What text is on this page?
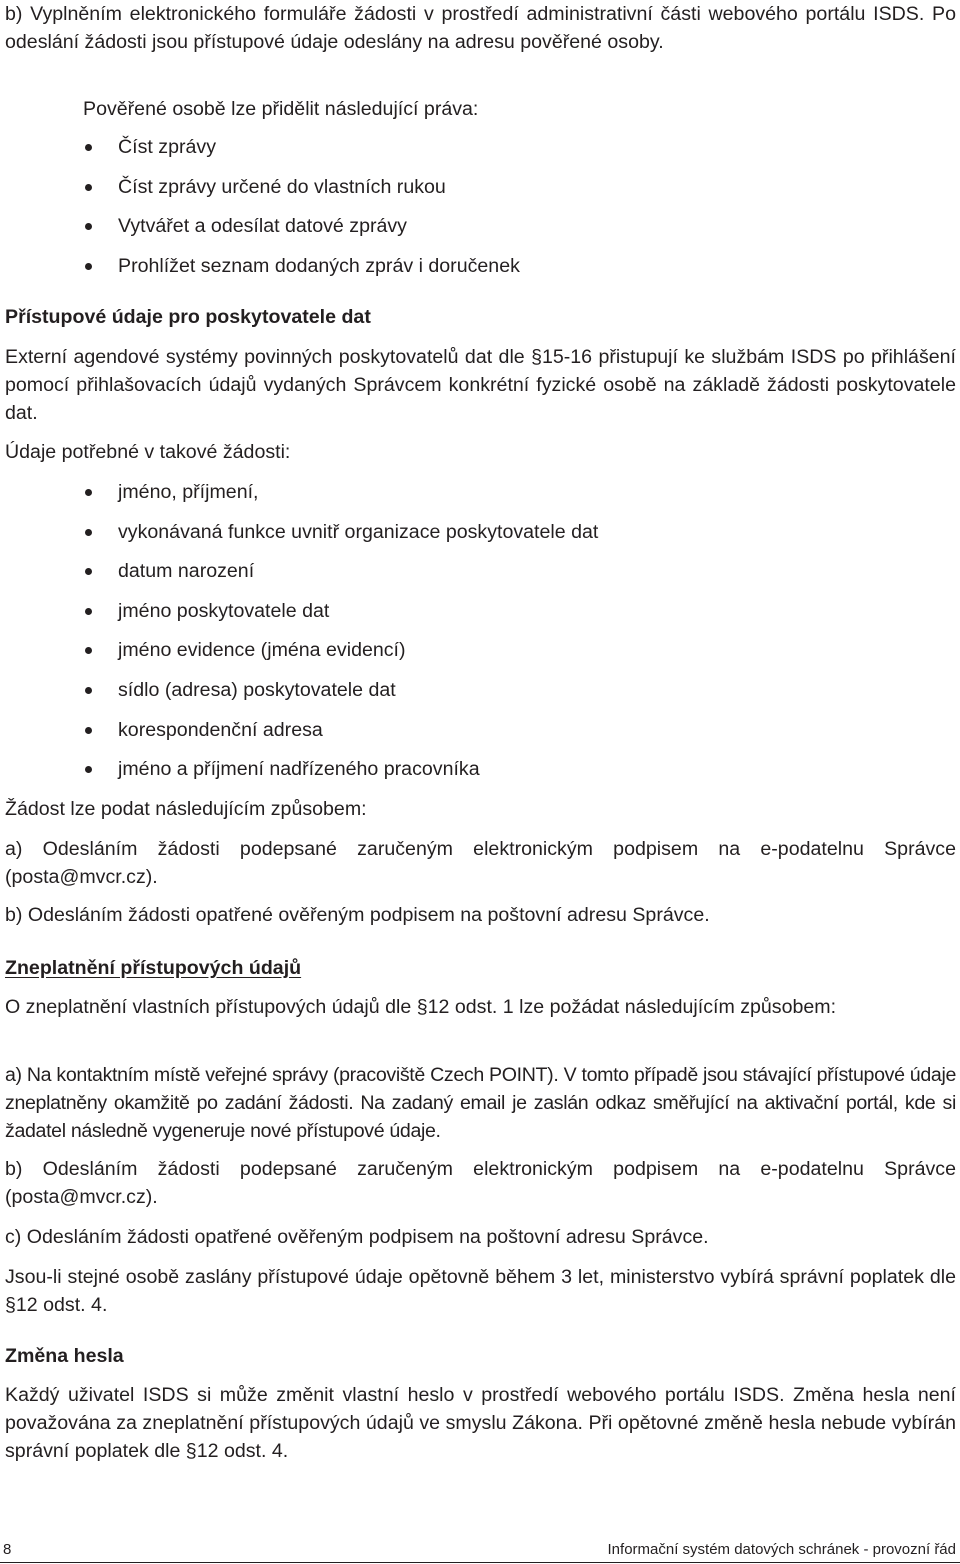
b) Vyplněním elektronického formuláře žádosti v prostředí administrativní části webového portálu ISDS. Po odeslání žádosti jsou přístupové údaje odeslány na adresu pověřené osoby.

Pověřené osobě lze přidělit následující práva:
Číst zprávy
Číst zprávy určené do vlastních rukou
Vytvářet a odesílat datové zprávy
Prohlížet seznam dodaných zpráv i doručenek
Přístupové údaje pro poskytovatele dat

Externí agendové systémy povinných poskytovatelů dat dle §15-16 přistupují ke službám ISDS po přihlášení pomocí přihlašovacích údajů vydaných Správcem konkrétní fyzické osobě na základě žádosti poskytovatele dat.

Údaje potřebné v takové žádosti:
jméno, příjmení,
vykonávaná funkce uvnitř organizace poskytovatele dat
datum narození
jméno poskytovatele dat
jméno evidence (jména evidencí)
sídlo (adresa) poskytovatele dat
korespondenční adresa
jméno a příjmení nadřízeného pracovníka
Žádost lze podat následujícím způsobem:

a) Odesláním žádosti podepsané zaručeným elektronickým podpisem na e-podatelnu Správce (posta@mvcr.cz).

b) Odesláním žádosti opatřené ověřeným podpisem na poštovní adresu Správce.

Zneplatnění přístupových údajů

O zneplatnění vlastních přístupových údajů dle §12 odst. 1 lze požádat následujícím způsobem:

a) Na kontaktním místě veřejné správy (pracoviště Czech POINT). V tomto případě jsou stávající přístupové údaje zneplatněny okamžitě po zadání žádosti. Na zadaný email je zaslán odkaz směřující na aktivační portál, kde si žadatel následně vygeneruje nové přístupové údaje.

b) Odesláním žádosti podepsané zaručeným elektronickým podpisem na e-podatelnu Správce (posta@mvcr.cz).

c) Odesláním žádosti opatřené ověřeným podpisem na poštovní adresu Správce.

Jsou-li stejné osobě zaslány přístupové údaje opětovně během 3 let, ministerstvo vybírá správní poplatek dle §12 odst. 4.

Změna hesla

Každý uživatel ISDS si může změnit vlastní heslo v prostředí webového portálu ISDS. Změna hesla není považována za zneplatnění přístupových údajů ve smyslu Zákona. Při opětovné změně hesla nebude vybírán správní poplatek dle §12 odst. 4.

8	Informační systém datových schránek - provozní řád
